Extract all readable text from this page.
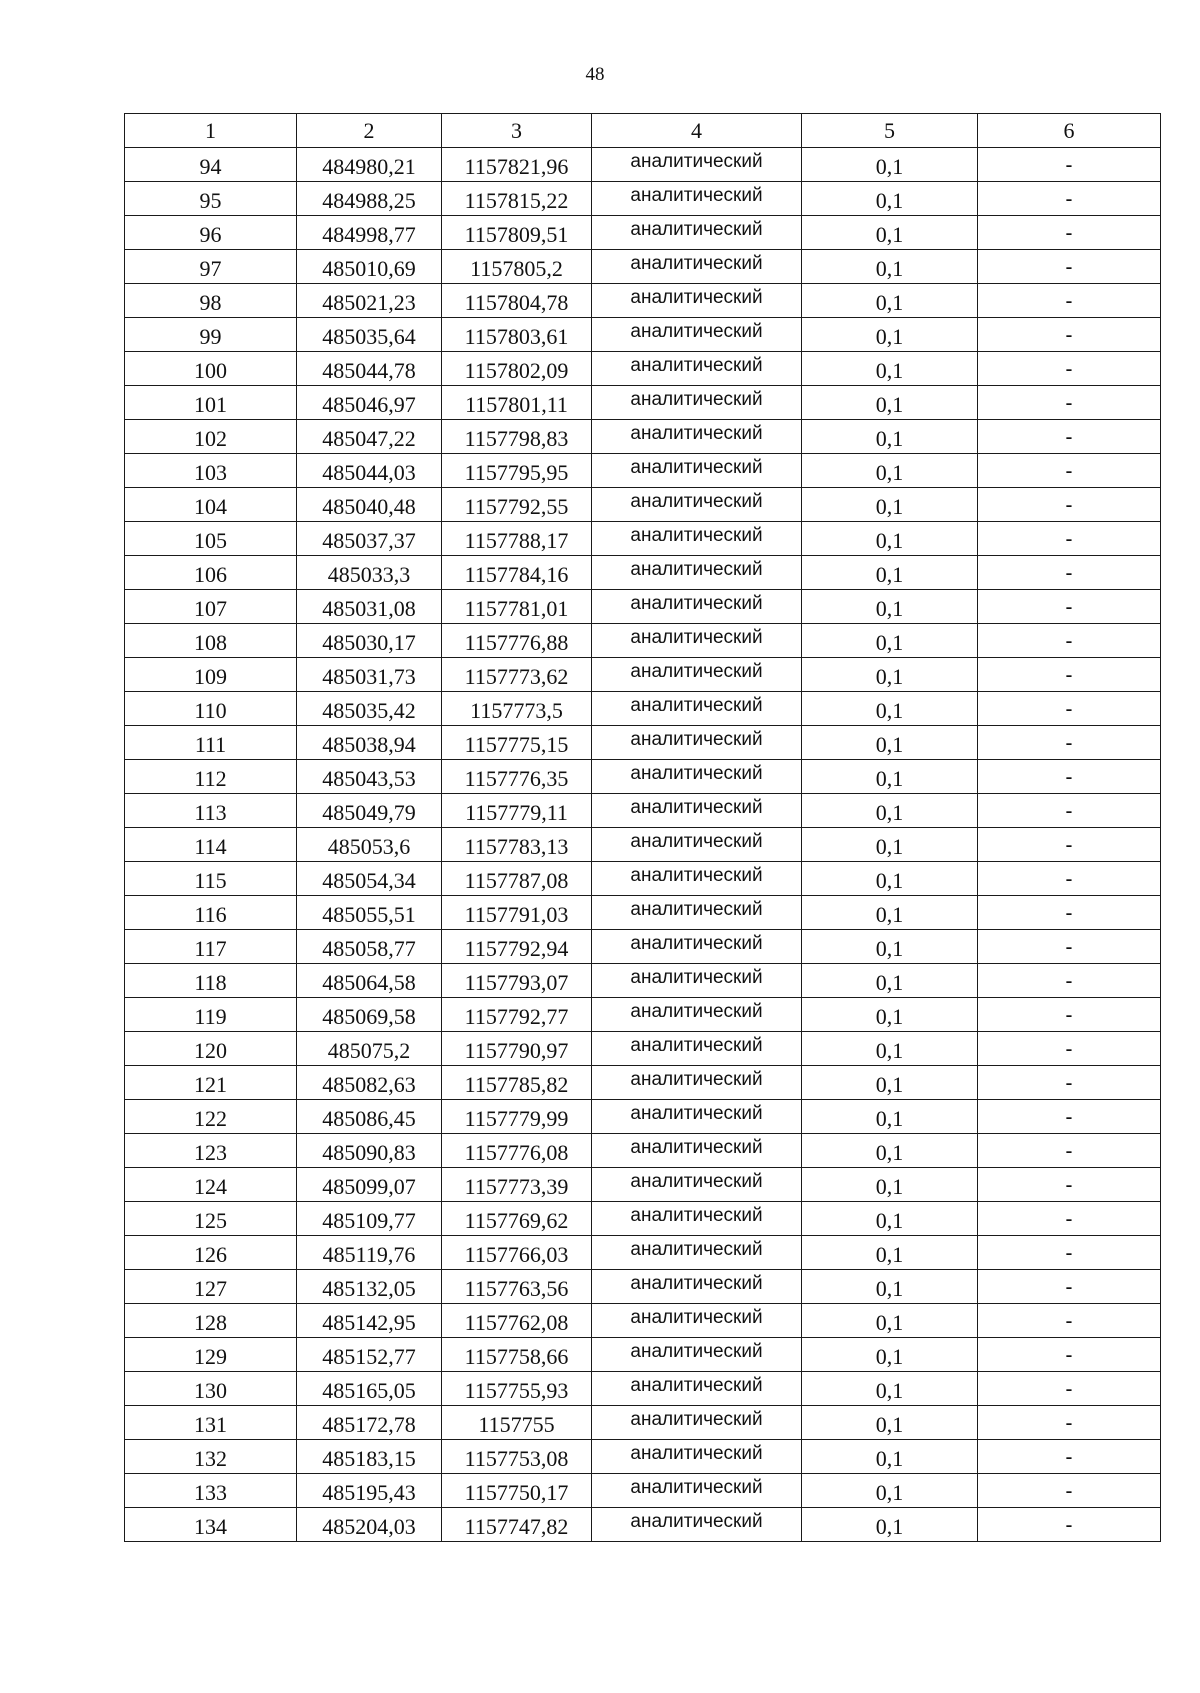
48
1	2	3	4	5	6
94	484980,21	1157821,96	аналитический	0,1	-
95	484988,25	1157815,22	аналитический	0,1	-
96	484998,77	1157809,51	аналитический	0,1	-
97	485010,69	1157805,2	аналитический	0,1	-
98	485021,23	1157804,78	аналитический	0,1	-
99	485035,64	1157803,61	аналитический	0,1	-
100	485044,78	1157802,09	аналитический	0,1	-
101	485046,97	1157801,11	аналитический	0,1	-
102	485047,22	1157798,83	аналитический	0,1	-
103	485044,03	1157795,95	аналитический	0,1	-
104	485040,48	1157792,55	аналитический	0,1	-
105	485037,37	1157788,17	аналитический	0,1	-
106	485033,3	1157784,16	аналитический	0,1	-
107	485031,08	1157781,01	аналитический	0,1	-
108	485030,17	1157776,88	аналитический	0,1	-
109	485031,73	1157773,62	аналитический	0,1	-
110	485035,42	1157773,5	аналитический	0,1	-
111	485038,94	1157775,15	аналитический	0,1	-
112	485043,53	1157776,35	аналитический	0,1	-
113	485049,79	1157779,11	аналитический	0,1	-
114	485053,6	1157783,13	аналитический	0,1	-
115	485054,34	1157787,08	аналитический	0,1	-
116	485055,51	1157791,03	аналитический	0,1	-
117	485058,77	1157792,94	аналитический	0,1	-
118	485064,58	1157793,07	аналитический	0,1	-
119	485069,58	1157792,77	аналитический	0,1	-
120	485075,2	1157790,97	аналитический	0,1	-
121	485082,63	1157785,82	аналитический	0,1	-
122	485086,45	1157779,99	аналитический	0,1	-
123	485090,83	1157776,08	аналитический	0,1	-
124	485099,07	1157773,39	аналитический	0,1	-
125	485109,77	1157769,62	аналитический	0,1	-
126	485119,76	1157766,03	аналитический	0,1	-
127	485132,05	1157763,56	аналитический	0,1	-
128	485142,95	1157762,08	аналитический	0,1	-
129	485152,77	1157758,66	аналитический	0,1	-
130	485165,05	1157755,93	аналитический	0,1	-
131	485172,78	1157755	аналитический	0,1	-
132	485183,15	1157753,08	аналитический	0,1	-
133	485195,43	1157750,17	аналитический	0,1	-
134	485204,03	1157747,82	аналитический	0,1	-
